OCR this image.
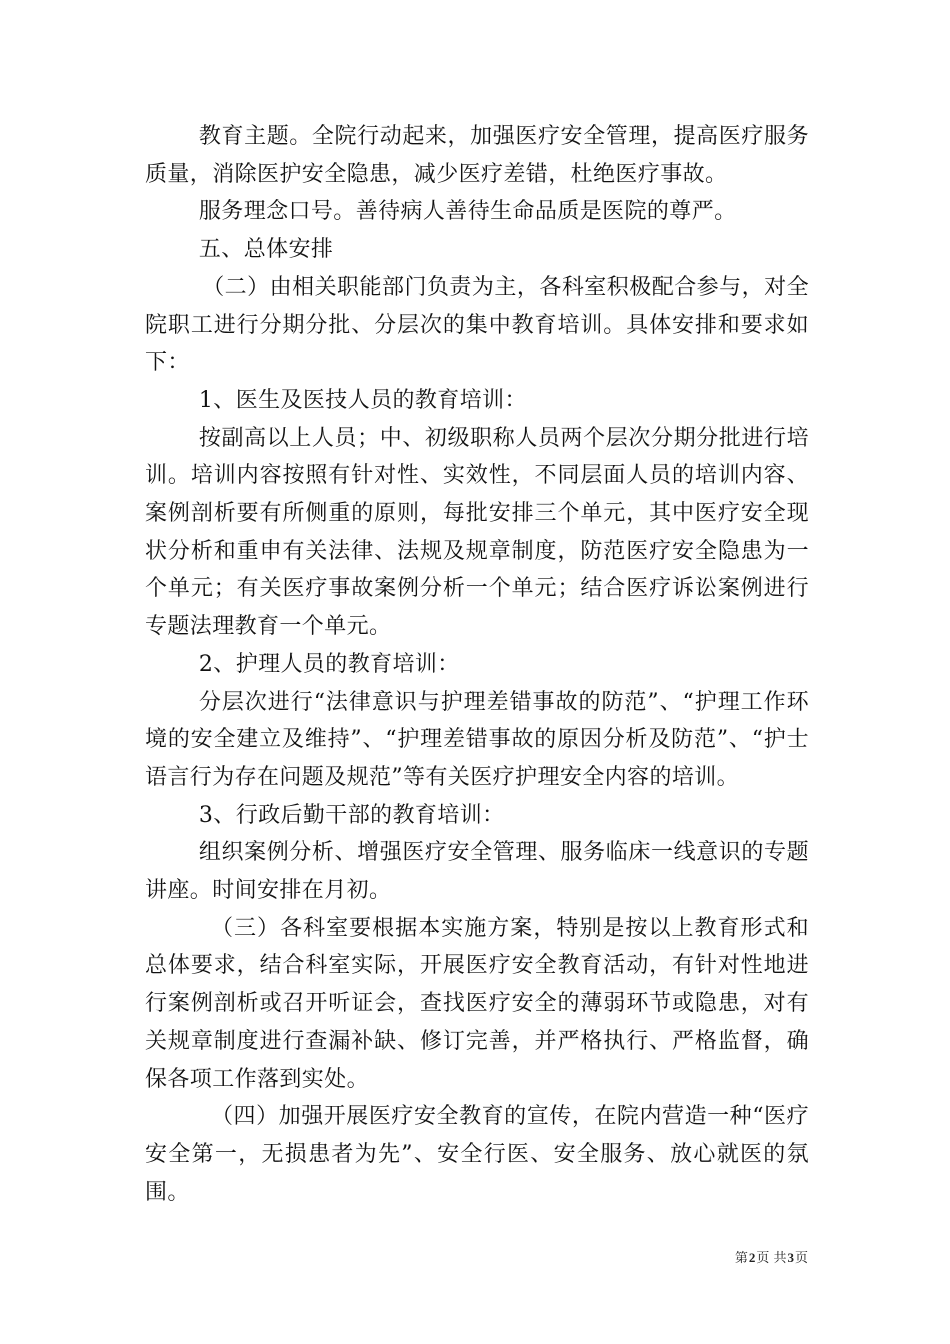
教育主题。全院行动起来，加强医疗安全管理，提高医疗服务质量，消除医护安全隐患，减少医疗差错，杜绝医疗事故。

服务理念口号。善待病人善待生命品质是医院的尊严。

五、总体安排

（二）由相关职能部门负责为主，各科室积极配合参与，对全院职工进行分期分批、分层次的集中教育培训。具体安排和要求如下：

1、医生及医技人员的教育培训：

按副高以上人员；中、初级职称人员两个层次分期分批进行培训。培训内容按照有针对性、实效性，不同层面人员的培训内容、案例剖析要有所侧重的原则，每批安排三个单元，其中医疗安全现状分析和重申有关法律、法规及规章制度，防范医疗安全隐患为一个单元；有关医疗事故案例分析一个单元；结合医疗诉讼案例进行专题法理教育一个单元。

2、护理人员的教育培训：

分层次进行“法律意识与护理差错事故的防范”、“护理工作环境的安全建立及维持”、“护理差错事故的原因分析及防范”、“护士语言行为存在问题及规范”等有关医疗护理安全内容的培训。

3、行政后勤干部的教育培训：

组织案例分析、增强医疗安全管理、服务临床一线意识的专题讲座。时间安排在月初。

（三）各科室要根据本实施方案，特别是按以上教育形式和总体要求，结合科室实际，开展医疗安全教育活动，有针对性地进行案例剖析或召开听证会，查找医疗安全的薄弱环节或隐患，对有关规章制度进行查漏补缺、修订完善，并严格执行、严格监督，确保各项工作落到实处。

（四）加强开展医疗安全教育的宣传，在院内营造一种“医疗安全第一，无损患者为先”、安全行医、安全服务、放心就医的氛围。

第2页 共3页
